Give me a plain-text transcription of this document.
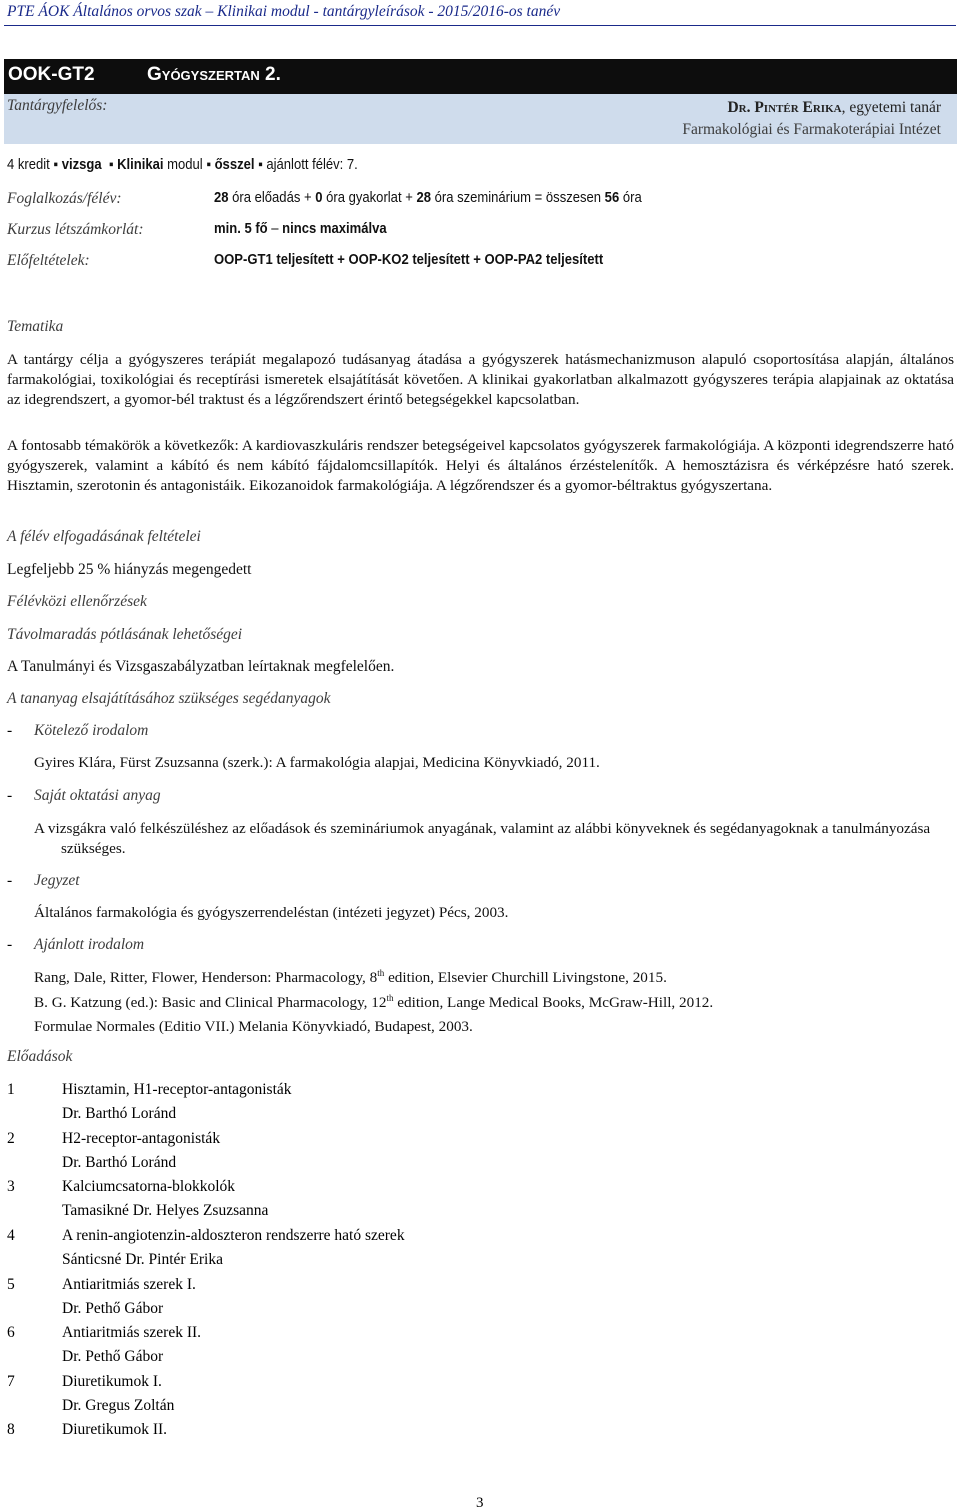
PTE ÁOK Általános orvos szak – Klinikai modul - tantárgyleírások - 2015/2016-os tanév
OOK-GT2	Gyógyszertan 2.
Tantárgyfelelős:	Dr. Pintér Erika, egyetemi tanár
Farmakológiai és Farmakoterápiai Intézet
4 kredit ▪ vizsga ▪ Klinikai modul ▪ ősszel ▪ ajánlott félév: 7.
Foglalkozás/félév:	28 óra előadás + 0 óra gyakorlat + 28 óra szeminárium = összesen 56 óra
Kurzus létszámkorlát:	min. 5 fő – nincs maximálva
Előfeltételek:	OOP-GT1 teljesített + OOP-KO2 teljesített + OOP-PA2 teljesített
Tematika
A tantárgy célja a gyógyszeres terápiát megalapozó tudásanyag átadása a gyógyszerek hatásmechanizmuson alapuló csoportosítása alapján, általános farmakológiai, toxikológiai és receptírási ismeretek elsajátítását követően. A klinikai gyakorlatban alkalmazott gyógyszeres terápia alapjainak az oktatása az idegrendszert, a gyomor-bél traktust és a légzőrendszert érintő betegségekkel kapcsolatban.
A fontosabb témakörök a következők: A kardiovaszkuláris rendszer betegségeivel kapcsolatos gyógyszerek farmakológiája. A központi idegrendszerre ható gyógyszerek, valamint a kábító és nem kábító fájdalomcsillapítók. Helyi és általános érzéstelenítők. A hemosztázisra és vérképzésre ható szerek. Hisztamin, szerotonin és antagonistáik. Eikozanoidok farmakológiája. A légzőrendszer és a gyomor-béltraktus gyógyszertana.
A félév elfogadásának feltételei
Legfeljebb 25 % hiányzás megengedett
Félévközi ellenőrzések
Távolmaradás pótlásának lehetőségei
A Tanulmányi és Vizsgaszabályzatban leírtaknak megfelelően.
A tananyag elsajátításához szükséges segédanyagok
- Kötelező irodalom
Gyires Klára, Fürst Zsuzsanna (szerk.): A farmakológia alapjai, Medicina Könyvkiadó, 2011.
- Saját oktatási anyag
A vizsgákra való felkészüléshez az előadások és szemináriumok anyagának, valamint az alábbi könyveknek és segédanyagoknak a tanulmányozása szükséges.
- Jegyzet
Általános farmakológia és gyógyszerrendeléstan (intézeti jegyzet) Pécs, 2003.
- Ajánlott irodalom
Rang, Dale, Ritter, Flower, Henderson: Pharmacology, 8th edition, Elsevier Churchill Livingstone, 2015.
B. G. Katzung (ed.): Basic and Clinical Pharmacology, 12th edition, Lange Medical Books, McGraw-Hill, 2012.
Formulae Normales (Editio VII.) Melania Könyvkiadó, Budapest, 2003.
Előadások
1	Hisztamin, H1-receptor-antagonisták
Dr. Barthó Loránd
2	H2-receptor-antagonisták
Dr. Barthó Loránd
3	Kalciumcsatorna-blokkolók
Tamasikné Dr. Helyes Zsuzsanna
4	A renin-angiotenzin-aldoszteron rendszerre ható szerek
Sánticsné Dr. Pintér Erika
5	Antiaritmiás szerek I.
Dr. Pethő Gábor
6	Antiaritmiás szerek II.
Dr. Pethő Gábor
7	Diuretikumok I.
Dr. Gregus Zoltán
8	Diuretikumok II.
3
